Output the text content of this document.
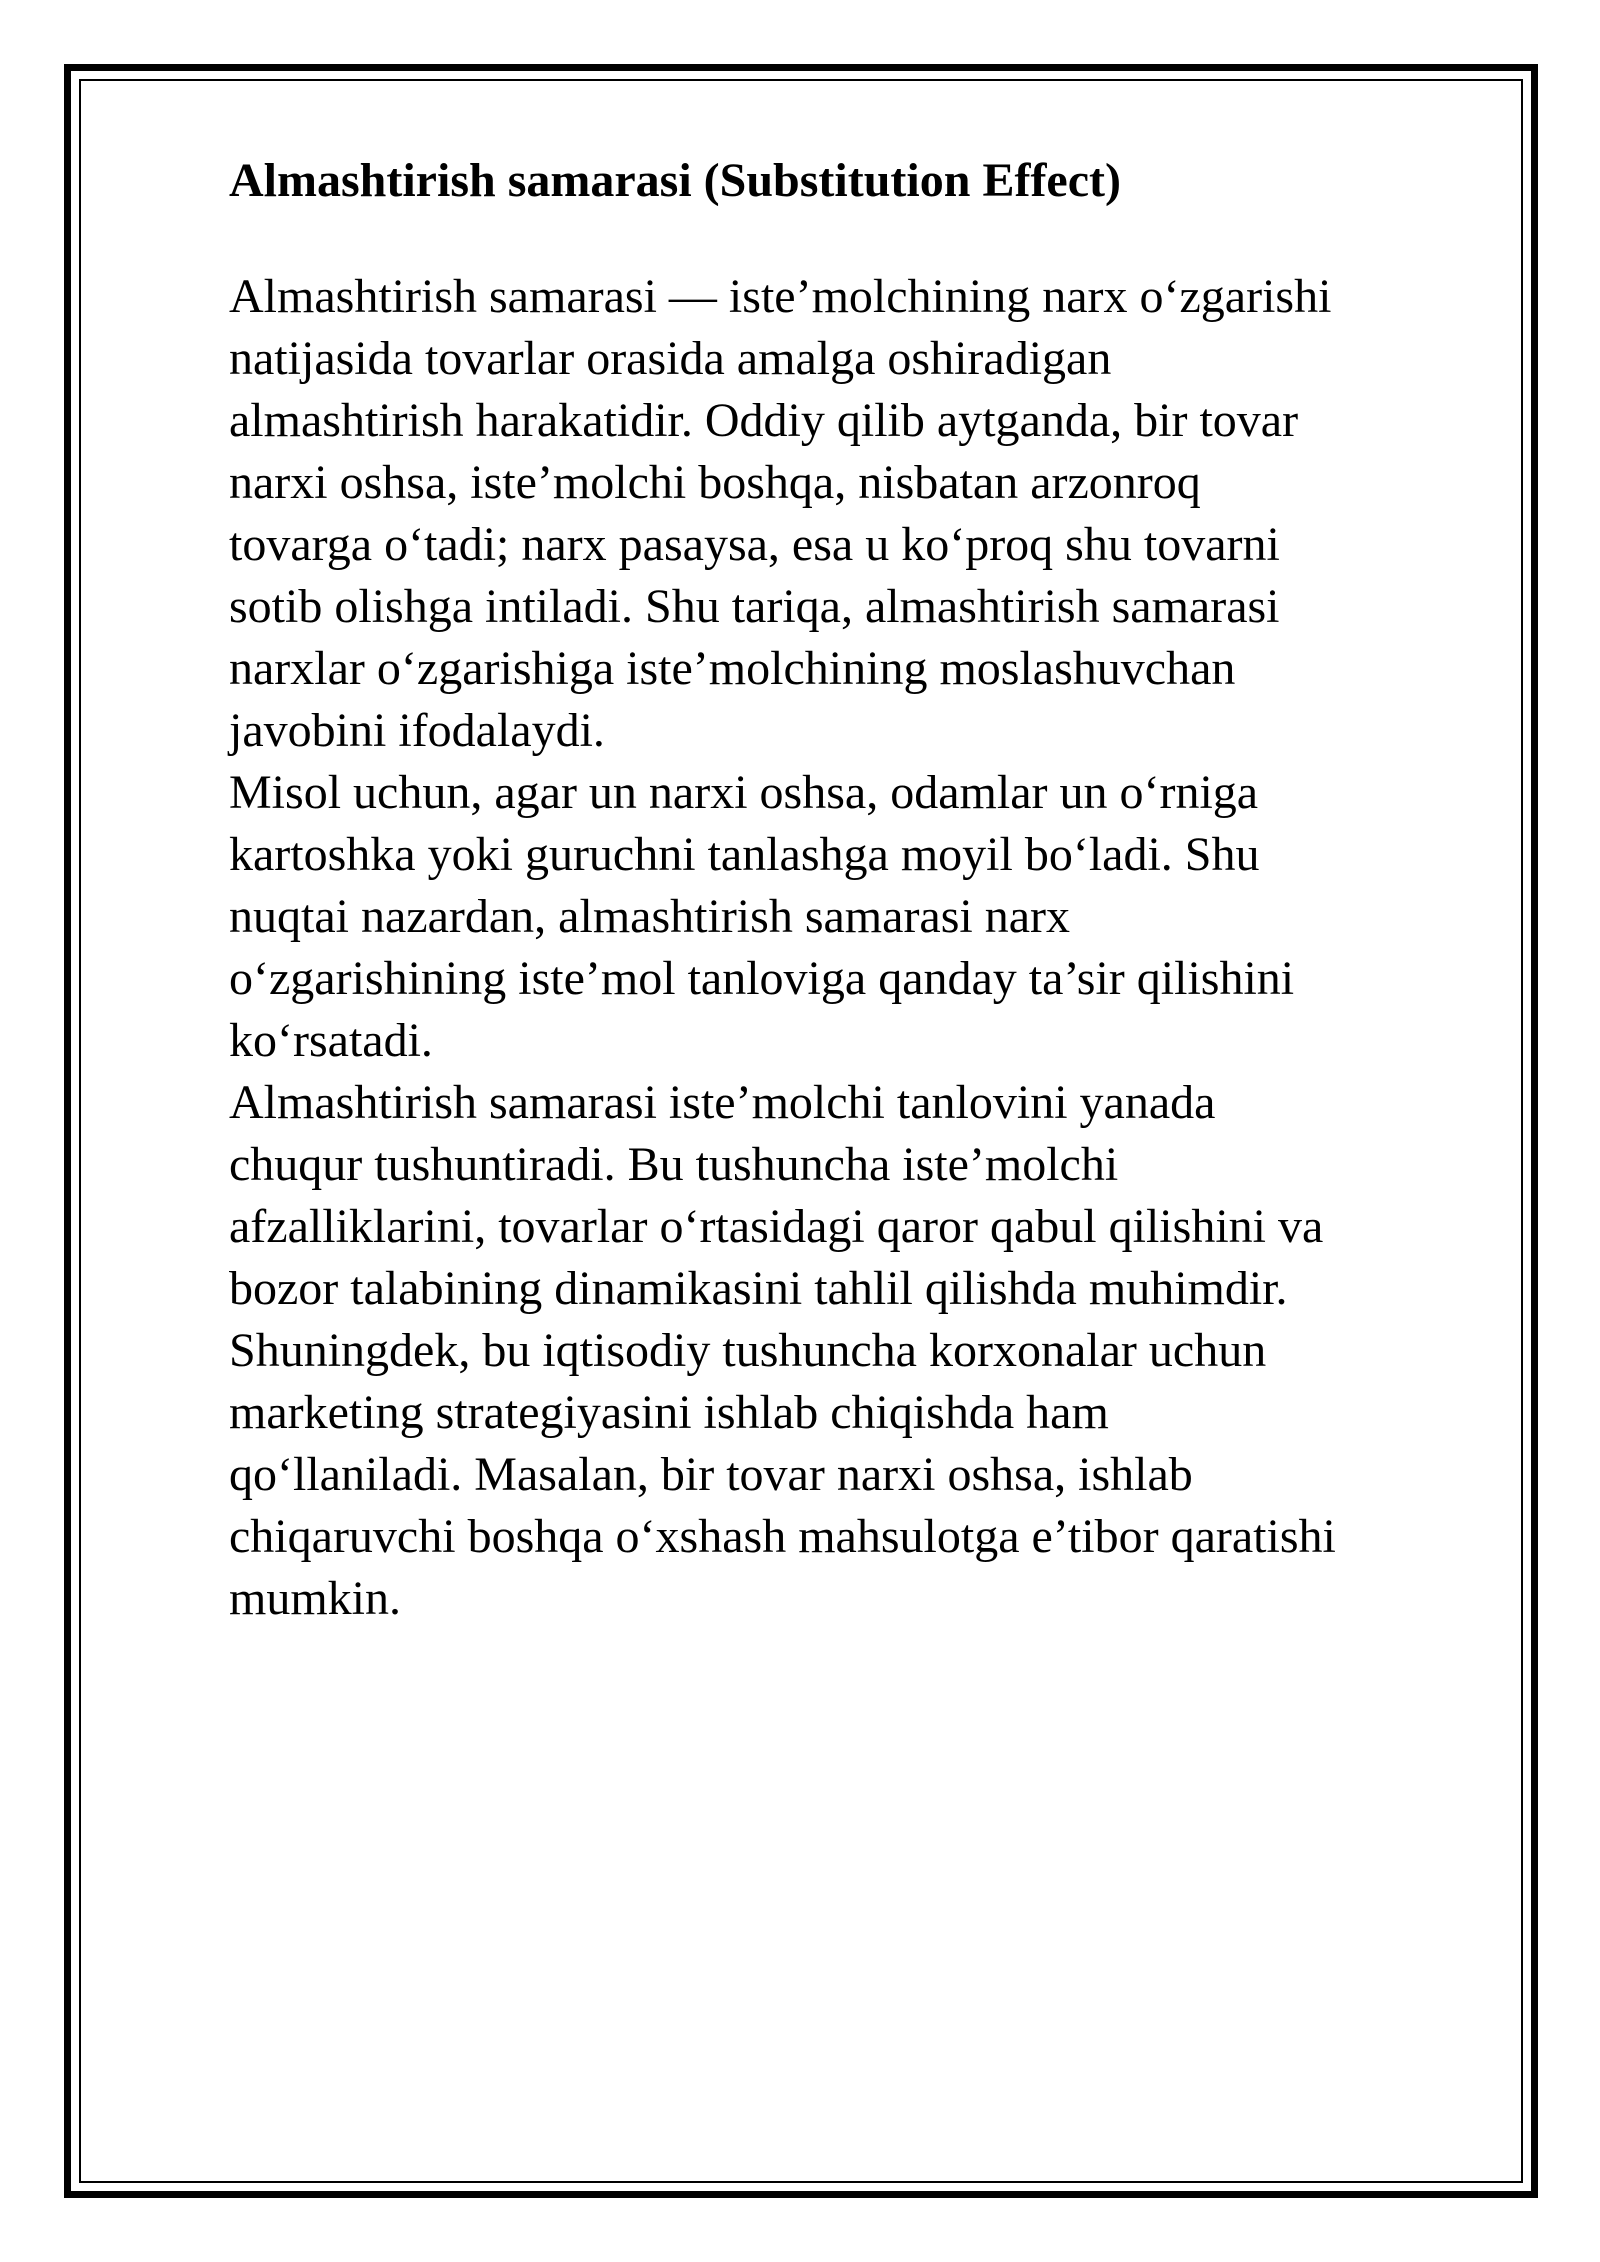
Almashtirish samarasi (Substitution Effect)
Almashtirish samarasi — iste’molchining narx o‘zgarishi
natijasida tovarlar orasida amalga oshiradigan
almashtirish harakatidir. Oddiy qilib aytganda, bir tovar
narxi oshsa, iste’molchi boshqa, nisbatan arzonroq
tovarga o‘tadi; narx pasaysa, esa u ko‘proq shu tovarni
sotib olishga intiladi. Shu tariqa, almashtirish samarasi
narxlar o‘zgarishiga iste’molchining moslashuvchan
javobini ifodalaydi.
Misol uchun, agar un narxi oshsa, odamlar un o‘rniga
kartoshka yoki guruchni tanlashga moyil bo‘ladi. Shu
nuqtai nazardan, almashtirish samarasi narx
o‘zgarishining iste’mol tanloviga qanday ta’sir qilishini
ko‘rsatadi.
Almashtirish samarasi iste’molchi tanlovini yanada
chuqur tushuntiradi. Bu tushuncha iste’molchi
afzalliklarini, tovarlar o‘rtasidagi qaror qabul qilishini va
bozor talabining dinamikasini tahlil qilishda muhimdir.
Shuningdek, bu iqtisodiy tushuncha korxonalar uchun
marketing strategiyasini ishlab chiqishda ham
qo‘llaniladi. Masalan, bir tovar narxi oshsa, ishlab
chiqaruvchi boshqa o‘xshash mahsulotga e’tibor qaratishi
mumkin.
